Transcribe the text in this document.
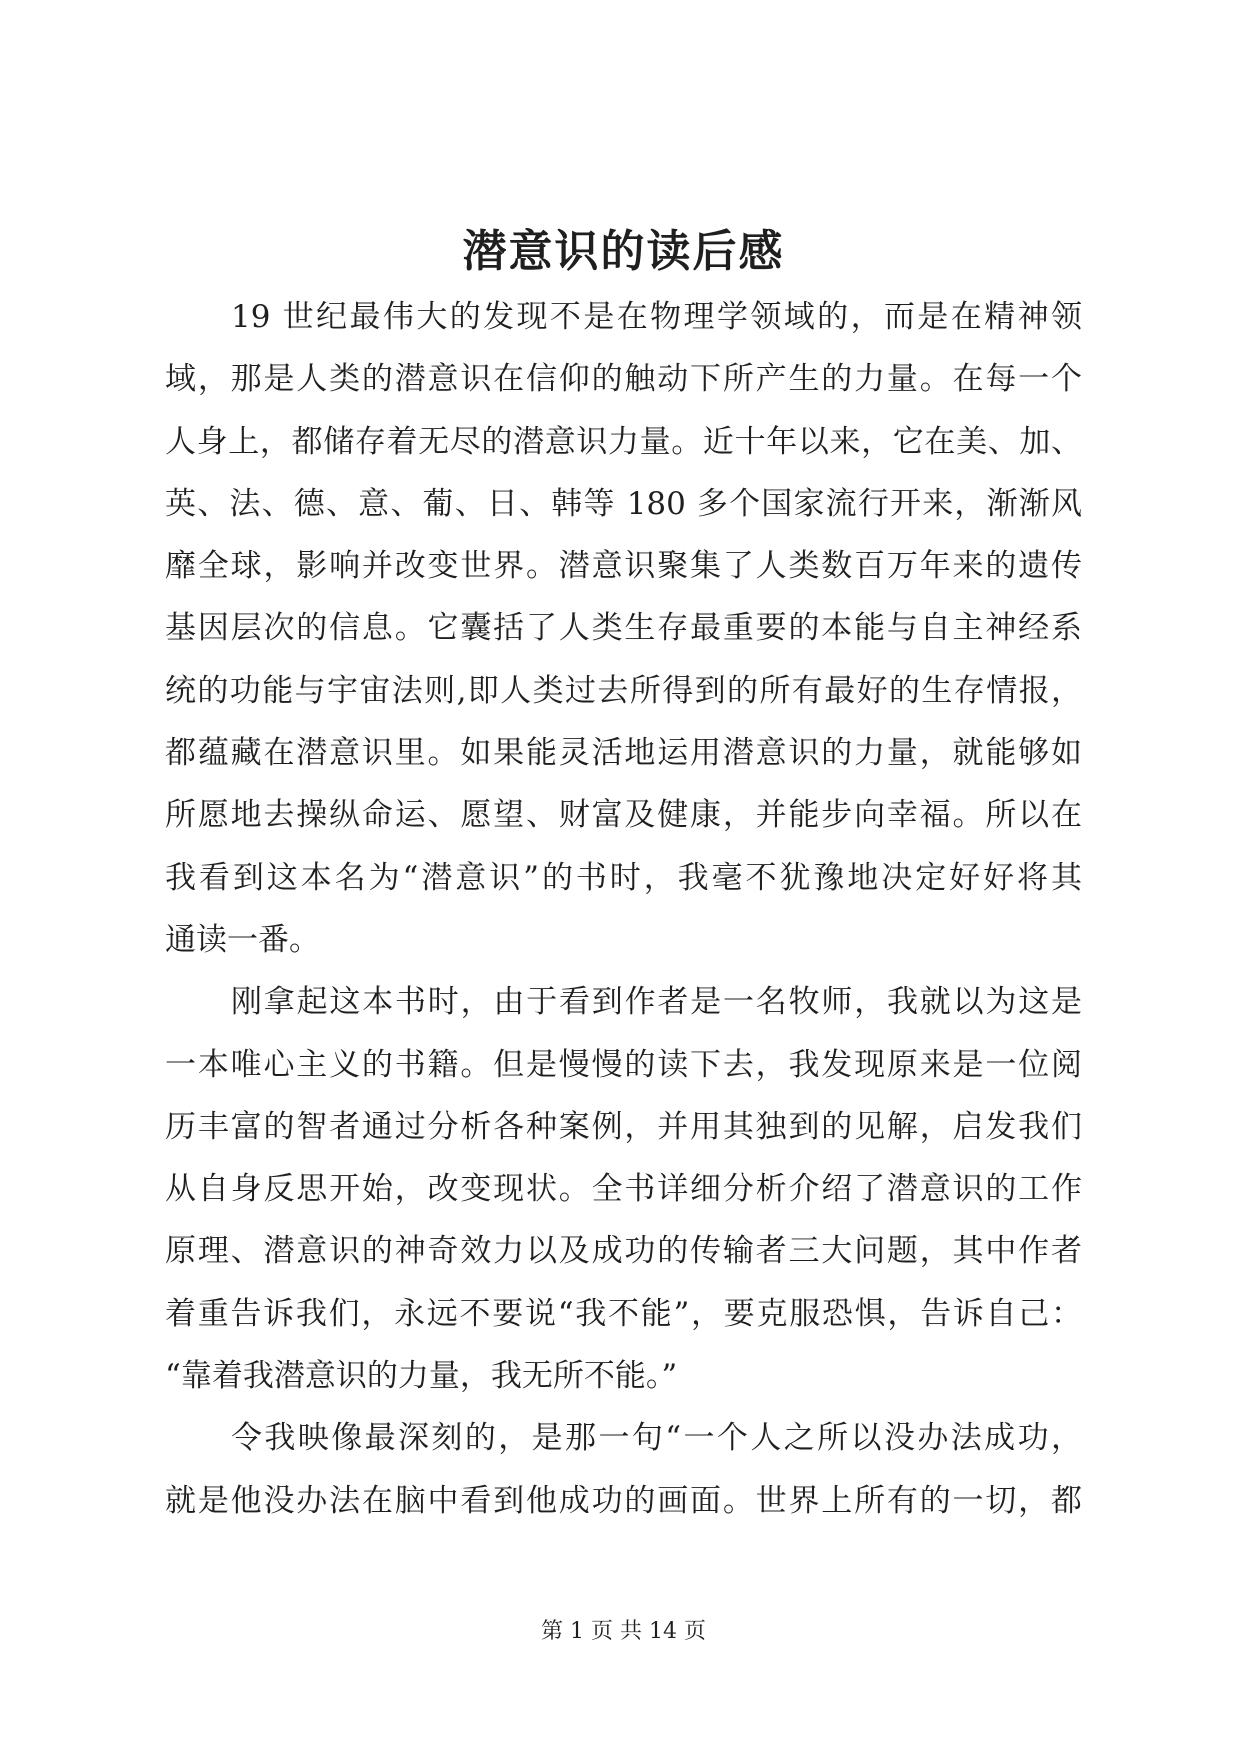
潜意识的读后感
19 世纪最伟大的发现不是在物理学领域的，而是在精神领
域，那是人类的潜意识在信仰的触动下所产生的力量。在每一个
人身上，都储存着无尽的潜意识力量。近十年以来，它在美、加、
英、法、德、意、葡、日、韩等 180 多个国家流行开来，渐渐风
靡全球，影响并改变世界。潜意识聚集了人类数百万年来的遗传
基因层次的信息。它囊括了人类生存最重要的本能与自主神经系
统的功能与宇宙法则,即人类过去所得到的所有最好的生存情报，
都蕴藏在潜意识里。如果能灵活地运用潜意识的力量，就能够如
所愿地去操纵命运、愿望、财富及健康，并能步向幸福。所以在
我看到这本名为“潜意识”的书时，我毫不犹豫地决定好好将其
通读一番。
刚拿起这本书时，由于看到作者是一名牧师，我就以为这是
一本唯心主义的书籍。但是慢慢的读下去，我发现原来是一位阅
历丰富的智者通过分析各种案例，并用其独到的见解，启发我们
从自身反思开始，改变现状。全书详细分析介绍了潜意识的工作
原理、潜意识的神奇效力以及成功的传输者三大问题，其中作者
着重告诉我们，永远不要说“我不能”，要克服恐惧，告诉自己：
“靠着我潜意识的力量，我无所不能。”
令我映像最深刻的，是那一句“一个人之所以没办法成功，
就是他没办法在脑中看到他成功的画面。世界上所有的一切，都
第 1 页 共 14 页
